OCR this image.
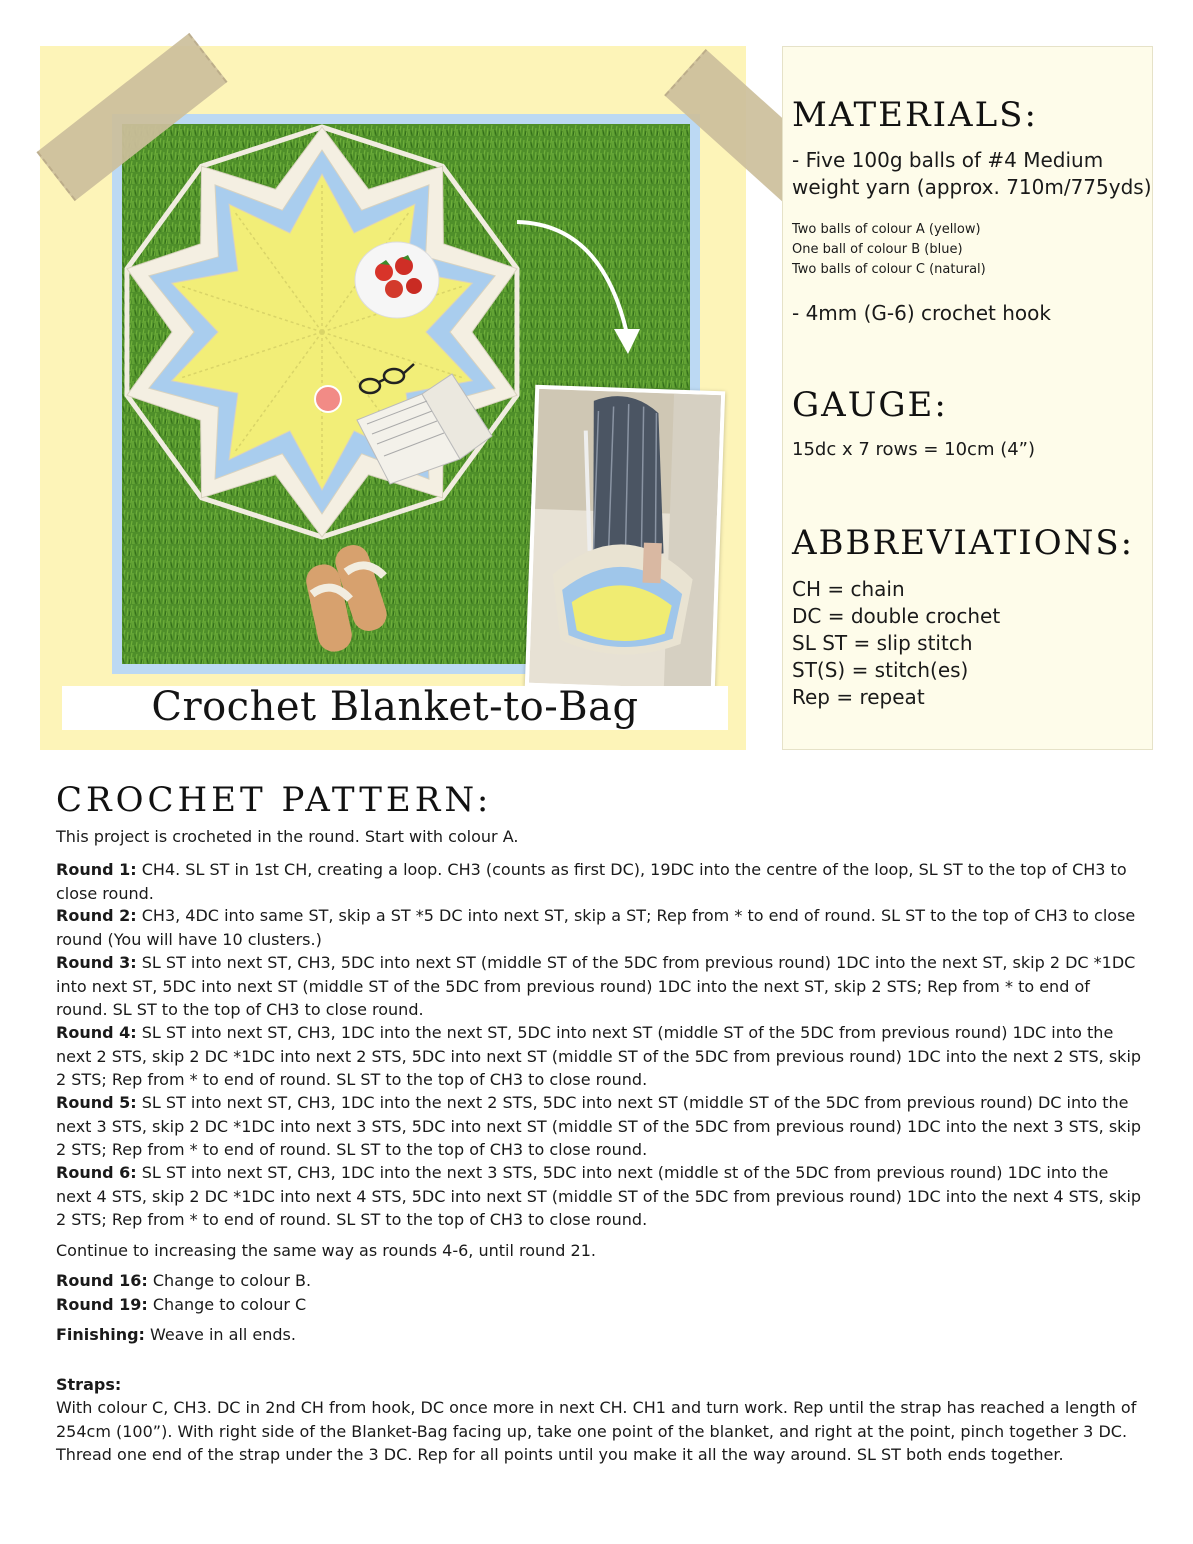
Crochet Blanket-to-Bag
MATERIALS:
- Five 100g balls of #4 Medium
weight yarn (approx. 710m/775yds)
Two balls of colour A (yellow)
One ball of colour B (blue)
Two balls of colour C (natural)
- 4mm (G-6) crochet hook
GAUGE:
15dc x 7 rows = 10cm (4”)
ABBREVIATIONS:
CH = chain
DC = double crochet
SL ST = slip stitch
ST(S) = stitch(es)
Rep = repeat
CROCHET PATTERN:
This project is crocheted in the round. Start with colour A.
Round 1: CH4. SL ST in 1st CH, creating a loop. CH3 (counts as first DC), 19DC into the centre of the loop, SL ST to the top of CH3 to close round.
Round 2: CH3, 4DC into same ST, skip a ST *5 DC into next ST, skip a ST; Rep from * to end of round. SL ST to the top of CH3 to close round (You will have 10 clusters.)
Round 3: SL ST into next ST, CH3, 5DC into next ST (middle ST of the 5DC from previous round) 1DC into the next ST, skip 2 DC *1DC into next ST, 5DC into next ST (middle ST of the 5DC from previous round) 1DC into the next ST, skip 2 STS; Rep from * to end of round. SL ST to the top of CH3 to close round.
Round 4: SL ST into next ST, CH3, 1DC into the next ST, 5DC into next ST (middle ST of the 5DC from previous round) 1DC into the next 2 STS, skip 2 DC *1DC into next 2 STS, 5DC into next ST (middle ST of the 5DC from previous round) 1DC into the next 2 STS, skip 2 STS; Rep from * to end of round. SL ST to the top of CH3 to close round.
Round 5: SL ST into next ST, CH3, 1DC into the next 2 STS, 5DC into next ST (middle ST of the 5DC from previous round) DC into the next 3 STS, skip 2 DC *1DC into next 3 STS, 5DC into next ST (middle ST of the 5DC from previous round) 1DC into the next 3 STS, skip 2 STS; Rep from * to end of round. SL ST to the top of CH3 to close round.
Round 6: SL ST into next ST, CH3, 1DC into the next 3 STS, 5DC into next (middle st of the 5DC from previous round) 1DC into the next 4 STS, skip 2 DC *1DC into next 4 STS, 5DC into next ST (middle ST of the 5DC from previous round) 1DC into the next 4 STS, skip 2 STS; Rep from * to end of round. SL ST to the top of CH3 to close round.
Continue to increasing the same way as rounds 4-6, until round 21.
Round 16: Change to colour B.
Round 19: Change to colour C
Finishing: Weave in all ends.
Straps:
With colour C, CH3. DC in 2nd CH from hook, DC once more in next CH. CH1 and turn work. Rep until the strap has reached a length of 254cm (100”). With right side of the Blanket-Bag facing up, take one point of the blanket, and right at the point, pinch together 3 DC. Thread one end of the strap under the 3 DC. Rep for all points until you make it all the way around. SL ST both ends together.
